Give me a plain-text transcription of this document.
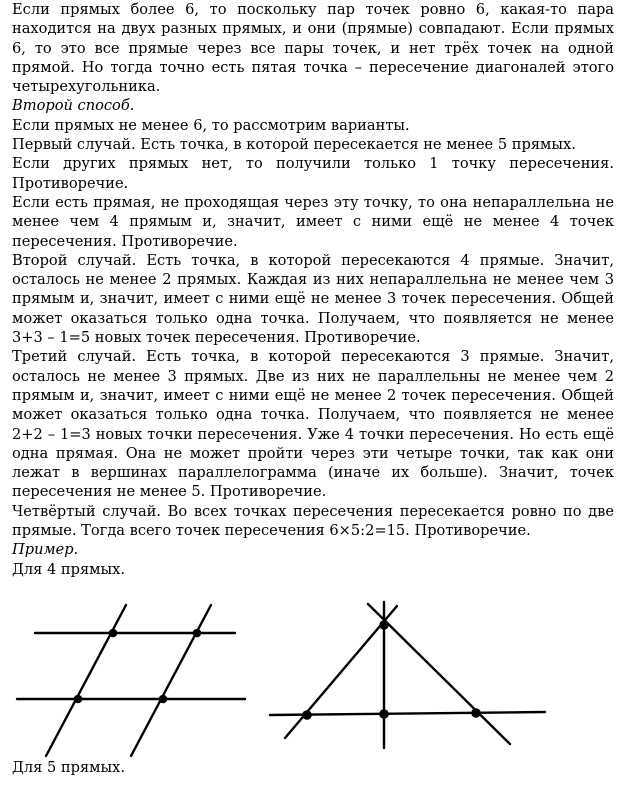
Если прямых более 6, то поскольку пар точек ровно 6, какая-то пара находится на двух разных прямых, и они (прямые) совпадают. Если прямых 6, то это все прямые через все пары точек, и нет трёх точек на одной прямой. Но тогда точно есть пятая точка – пересечение диагоналей этого четырехугольника.

Второй способ.

Если прямых не менее 6, то рассмотрим варианты.

Первый случай. Есть точка, в которой пересекается не менее 5 прямых.

Если других прямых нет, то получили только 1 точку пересечения. Противоречие.

Если есть прямая, не проходящая через эту точку, то она непараллельна не менее чем 4 прямым и, значит, имеет с ними ещё не менее 4 точек пересечения. Противоречие.

Второй случай. Есть точка, в которой пересекаются 4 прямые. Значит, осталось не менее 2 прямых. Каждая из них непараллельна не менее чем 3 прямым и, значит, имеет с ними ещё не менее 3 точек пересечения. Общей может оказаться только одна точка. Получаем, что появляется не менее 3+3 – 1=5 новых точек пересечения. Противоречие.

Третий случай. Есть точка, в которой пересекаются 3 прямые. Значит, осталось не менее 3 прямых. Две из них не параллельны не менее чем 2 прямым и, значит, имеет с ними ещё не менее 2 точек пересечения. Общей может оказаться только одна точка. Получаем, что появляется не менее 2+2 – 1=3 новых точки пересечения. Уже 4 точки пересечения. Но есть ещё одна прямая. Она не может пройти через эти четыре точки, так как они лежат в вершинах параллелограмма (иначе их больше). Значит, точек пересечения не менее 5. Противоречие.

Четвёртый случай. Во всех точках пересечения пересекается ровно по две прямые. Тогда всего точек пересечения 6×5:2=15. Противоречие.

Пример.

Для 4 прямых.

Для 5 прямых.
